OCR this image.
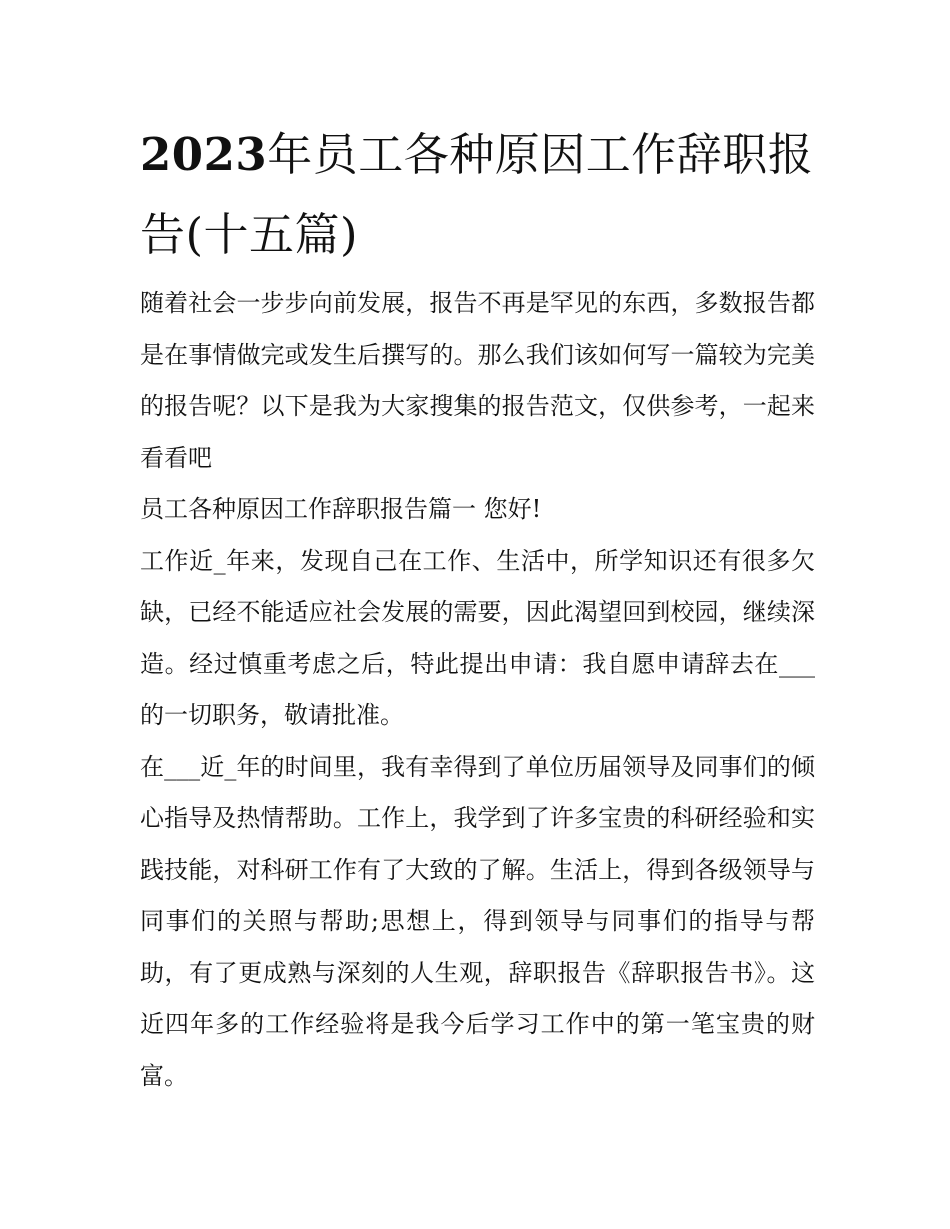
2023年员工各种原因工作辞职报告(十五篇)

随着社会一步步向前发展，报告不再是罕见的东西，多数报告都是在事情做完或发生后撰写的。那么我们该如何写一篇较为完美的报告呢？以下是我为大家搜集的报告范文，仅供参考，一起来看看吧

员工各种原因工作辞职报告篇一 您好!

工作近_年来，发现自己在工作、生活中，所学知识还有很多欠缺，已经不能适应社会发展的需要，因此渴望回到校园，继续深造。经过慎重考虑之后，特此提出申请：我自愿申请辞去在___的一切职务，敬请批准。

在___近_年的时间里，我有幸得到了单位历届领导及同事们的倾心指导及热情帮助。工作上，我学到了许多宝贵的科研经验和实践技能，对科研工作有了大致的了解。生活上，得到各级领导与同事们的关照与帮助;思想上，得到领导与同事们的指导与帮助，有了更成熟与深刻的人生观，辞职报告《辞职报告书》。这近四年多的工作经验将是我今后学习工作中的第一笔宝贵的财富。
